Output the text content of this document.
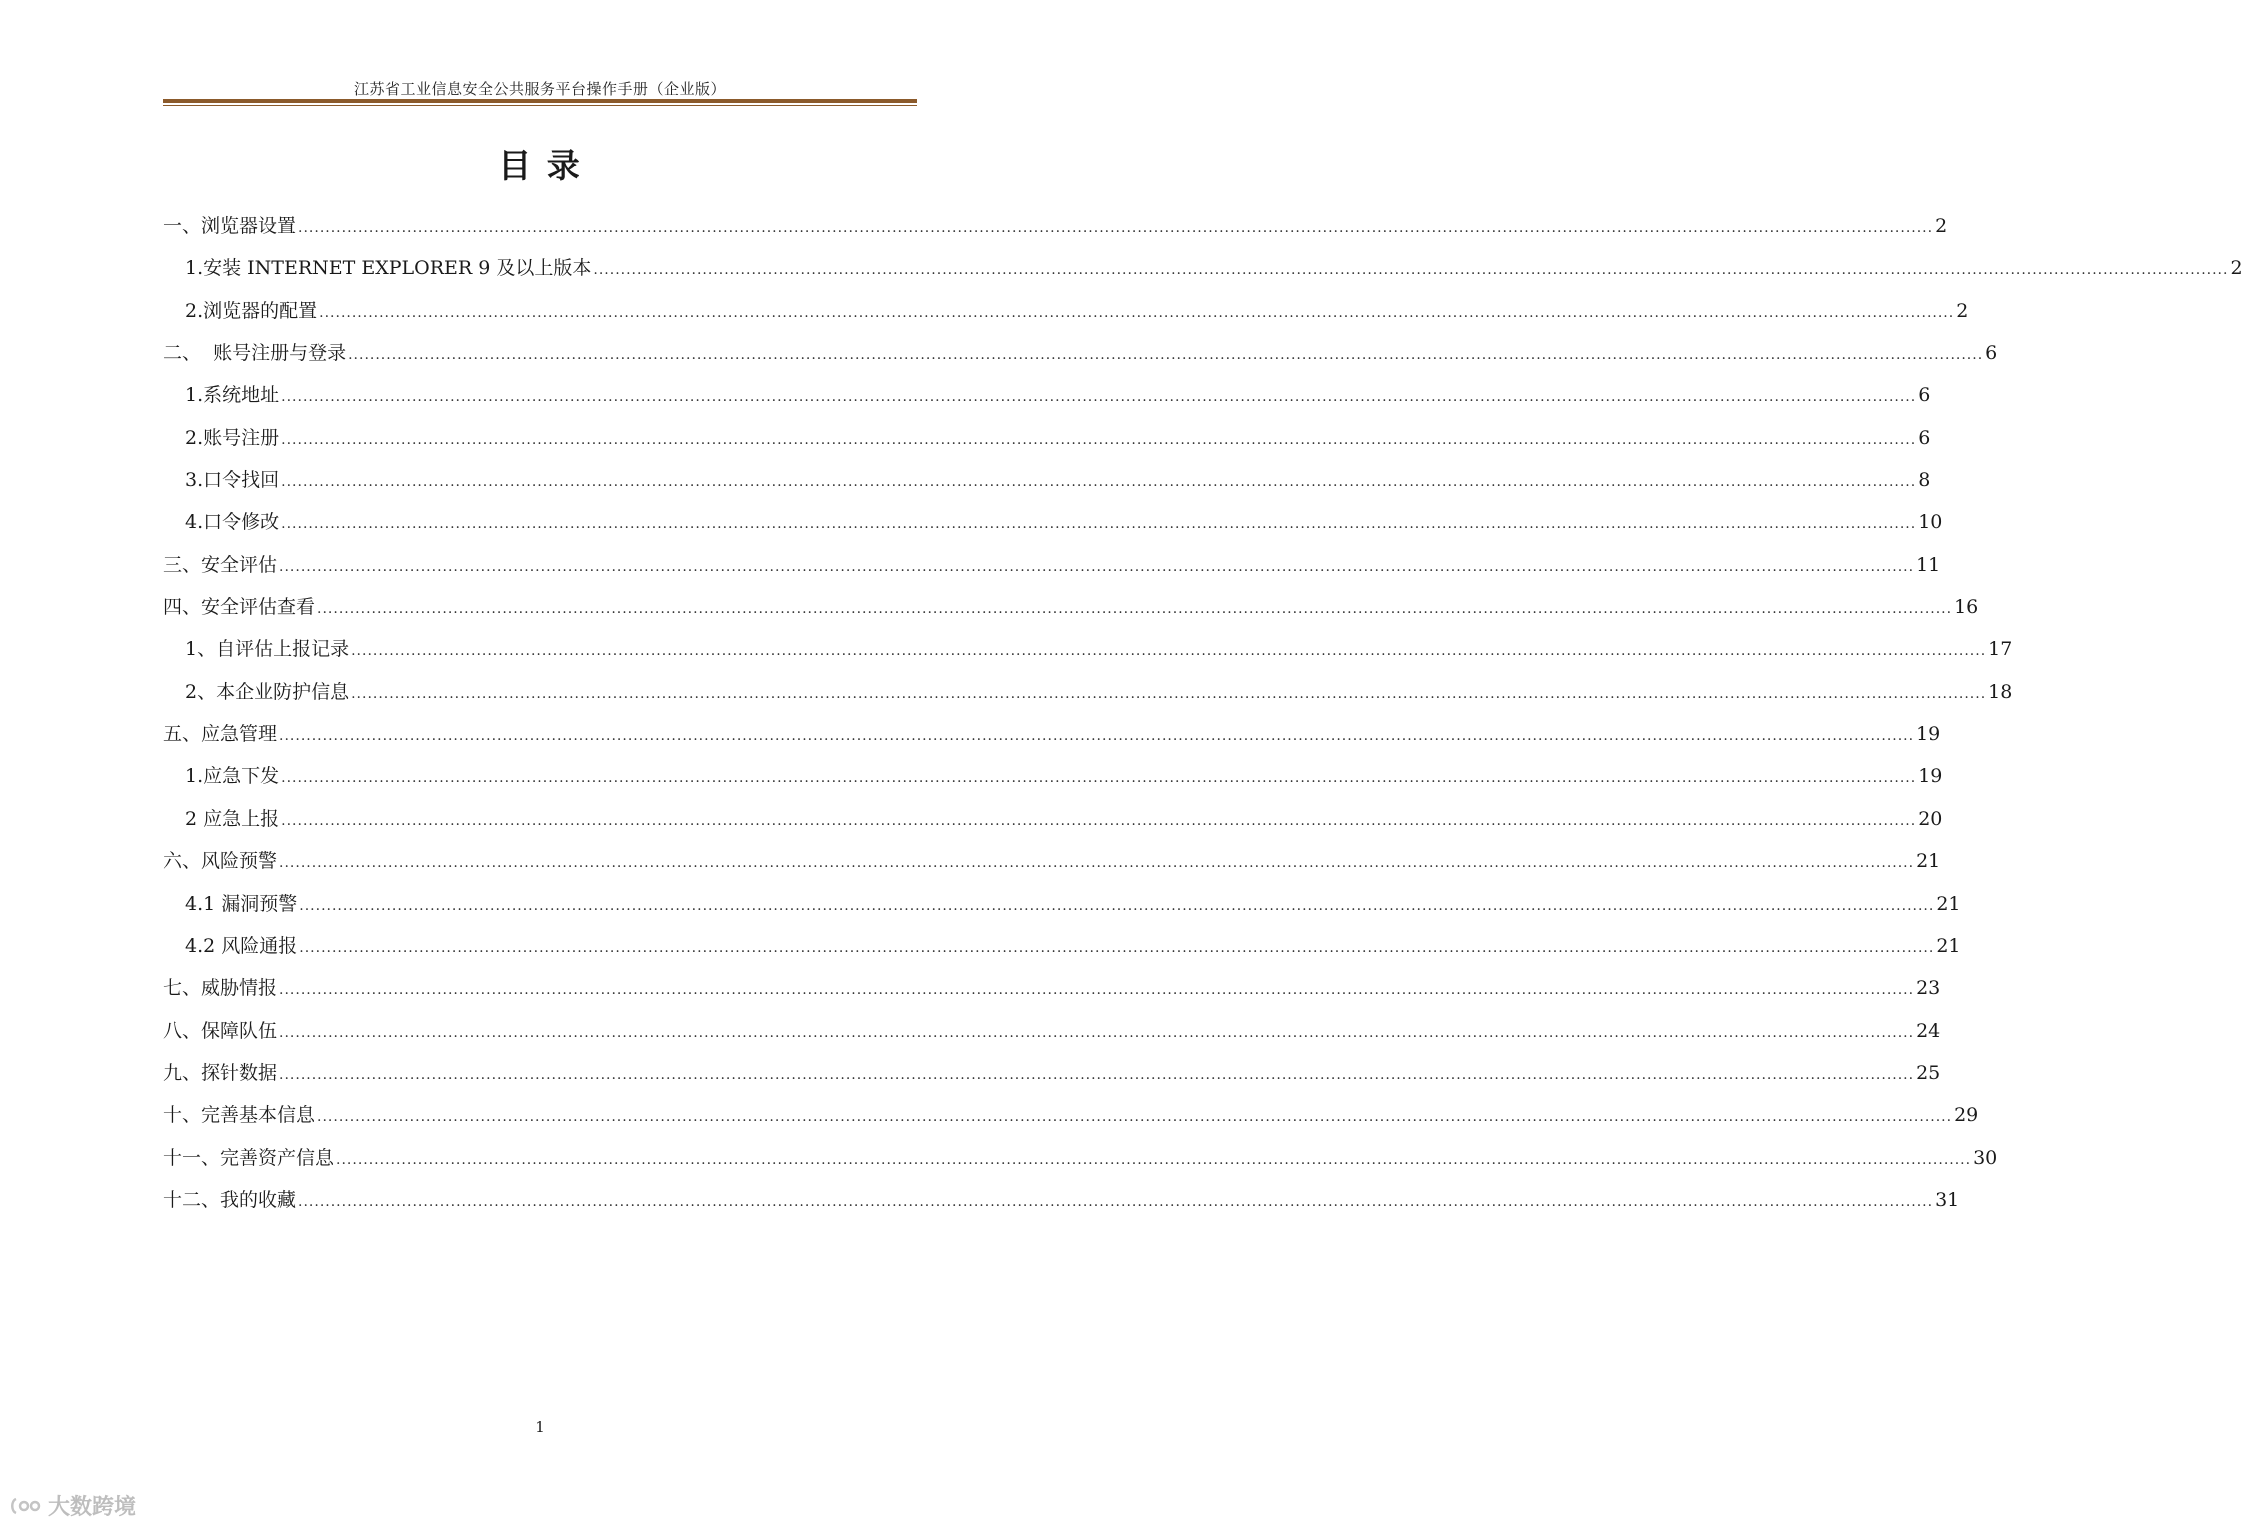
江苏省工业信息安全公共服务平台操作手册（企业版）
目 录
一、浏览器设置 ............................................................................................................................................................................................................................................................................................................ 2
1.安装 INTERNET EXPLORER 9 及以上版本 ............................................................................................................................................................................................................................................................................................................ 2
2.浏览器的配置 ............................................................................................................................................................................................................................................................................................................ 2
二、  账号注册与登录 ............................................................................................................................................................................................................................................................................................................ 6
1.系统地址 ............................................................................................................................................................................................................................................................................................................ 6
2.账号注册 ............................................................................................................................................................................................................................................................................................................ 6
3.口令找回 ............................................................................................................................................................................................................................................................................................................ 8
4.口令修改 ............................................................................................................................................................................................................................................................................................................ 10
三、安全评估 ............................................................................................................................................................................................................................................................................................................ 11
四、安全评估查看 ............................................................................................................................................................................................................................................................................................................ 16
1、自评估上报记录 ............................................................................................................................................................................................................................................................................................................ 17
2、本企业防护信息 ............................................................................................................................................................................................................................................................................................................ 18
五、应急管理 ............................................................................................................................................................................................................................................................................................................ 19
1.应急下发 ............................................................................................................................................................................................................................................................................................................ 19
2 应急上报 ............................................................................................................................................................................................................................................................................................................ 20
六、风险预警 ............................................................................................................................................................................................................................................................................................................ 21
4.1 漏洞预警 ............................................................................................................................................................................................................................................................................................................ 21
4.2 风险通报 ............................................................................................................................................................................................................................................................................................................ 21
七、威胁情报 ............................................................................................................................................................................................................................................................................................................ 23
八、保障队伍 ............................................................................................................................................................................................................................................................................................................ 24
九、探针数据 ............................................................................................................................................................................................................................................................................................................ 25
十、完善基本信息 ............................................................................................................................................................................................................................................................................................................ 29
十一、完善资产信息 ............................................................................................................................................................................................................................................................................................................ 30
十二、我的收藏 ............................................................................................................................................................................................................................................................................................................ 31
1
大数跨境
